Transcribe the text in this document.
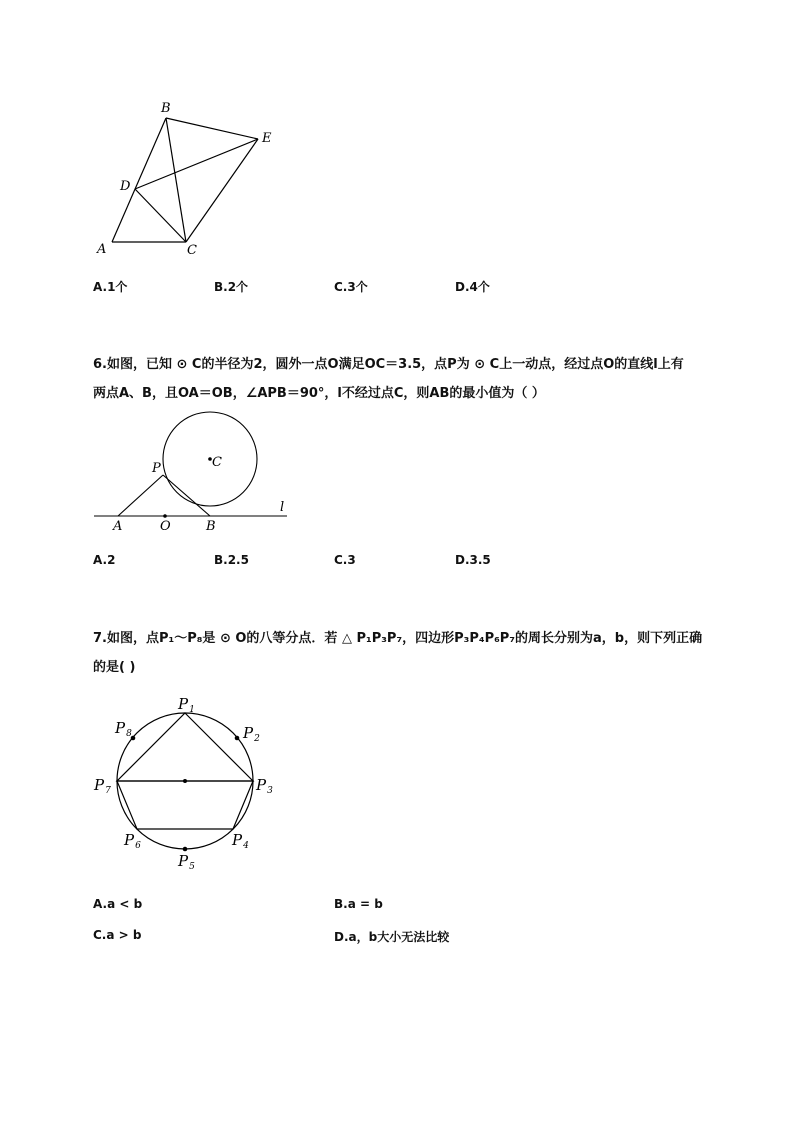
B
E
D
A	C
A.1个	B.2个	C.3个	D.4个
6.如图，已知 ⊙ C的半径为2，圆外一点O满足OC＝3.5，点P为 ⊙ C上一动点，经过点O的直线l上有
两点A、B，且OA＝OB，∠APB＝90°，l不经过点C，则AB的最小值为（ ）
P	C
l
A	O	B
A.2	B.2.5	C.3	D.3.5
7.如图，点P₁～P₈是 ⊙ O的八等分点．若 △ P₁P₃P₇，四边形P₃P₄P₆P₇的周长分别为a，b，则下列正确
的是( )
$P_1$
$P_2$
$P_3$
$P_4$
$P_5$
$P_6$
$P_7$
$P_8$
A.a < b	B.a = b
C.a > b	D.a，b大小无法比较
